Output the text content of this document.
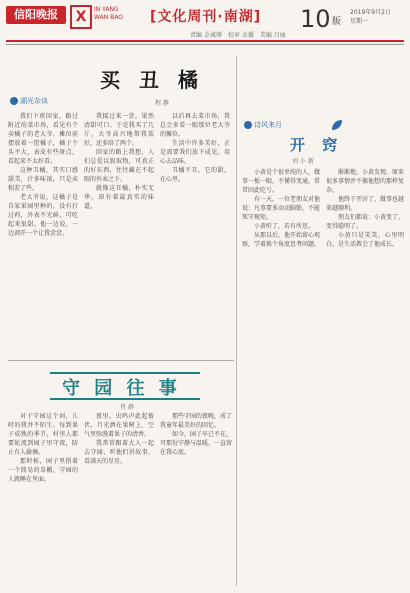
信阳晚报	X	IN YANG
WAN BAO [文化周刊·南湖] 10 版
2019年9月2日
星期一
责编 金诚博　校审 金囊　美编 吕丽
湖光杂谈
买 丑 橘
程 静

我们下班回家，路过附近的菜市场，看见有个卖橘子的老大爷，摊位前摆放着一筐橘子，橘子个头不大，表皮有些斑点，看起来不太好看。

这种丑橘，其实口感甜美，汁多味浓，只是卖相差了些。

老大爷说，这橘子是自家果园里种的，没有打过药，外表不光鲜，可吃起来很甜。他一边说，一边剥开一个让我尝尝。

我接过来一尝，果然清甜可口。于是我买了几斤，大爷高兴地帮我装好，还多给了两个。

回家的路上我想，人们总爱以貌取物，可真正的好东西，往往藏在不起眼的外表之下。

就像这丑橘，朴实无华，却有着最真实的味道。

以后再去菜市场，我总会多看一眼那位老大爷的摊位。

生活中许多美好，正是需要我们放下成见，用心去品味。

丑橘不丑，它的甜，在心里。

守 园 往 事
肖 群

对于守园这个词，儿时的我并不陌生。每到果子成熟的季节，村里人都要轮流到园子里守夜，防止有人偷摘。

那时候，园子里搭着一个简易的草棚，守园的人就睡在里面。

夜里，虫鸣声此起彼伏，月光洒在果树上，空气里弥漫着果子的清香。

我常常跟着大人一起去守园，听他们讲故事，看满天的星星。

那些守园的夜晚，成了我童年最美好的回忆。

如今，园子早已不在，可那份宁静与温暖，一直留在我心底。

诗风来月
开 窍
刘 小 新

小黄是个很单纯的人，做事一板一眼，不懂得变通，常常因此吃亏。

有一天，一位老朋友对他说：凡事要多动动脑筋，不能死守规矩。

小黄听了，若有所思。

从那以后，他开始留心观察，学着换个角度思考问题。

渐渐地，小黄发现，原来很多事情并不像他想的那样复杂。

他终于开窍了，做事也越来越顺利。

朋友们都说：小黄变了，变得聪明了。

小黄只是笑笑，心里明白，是生活教会了他成长。
